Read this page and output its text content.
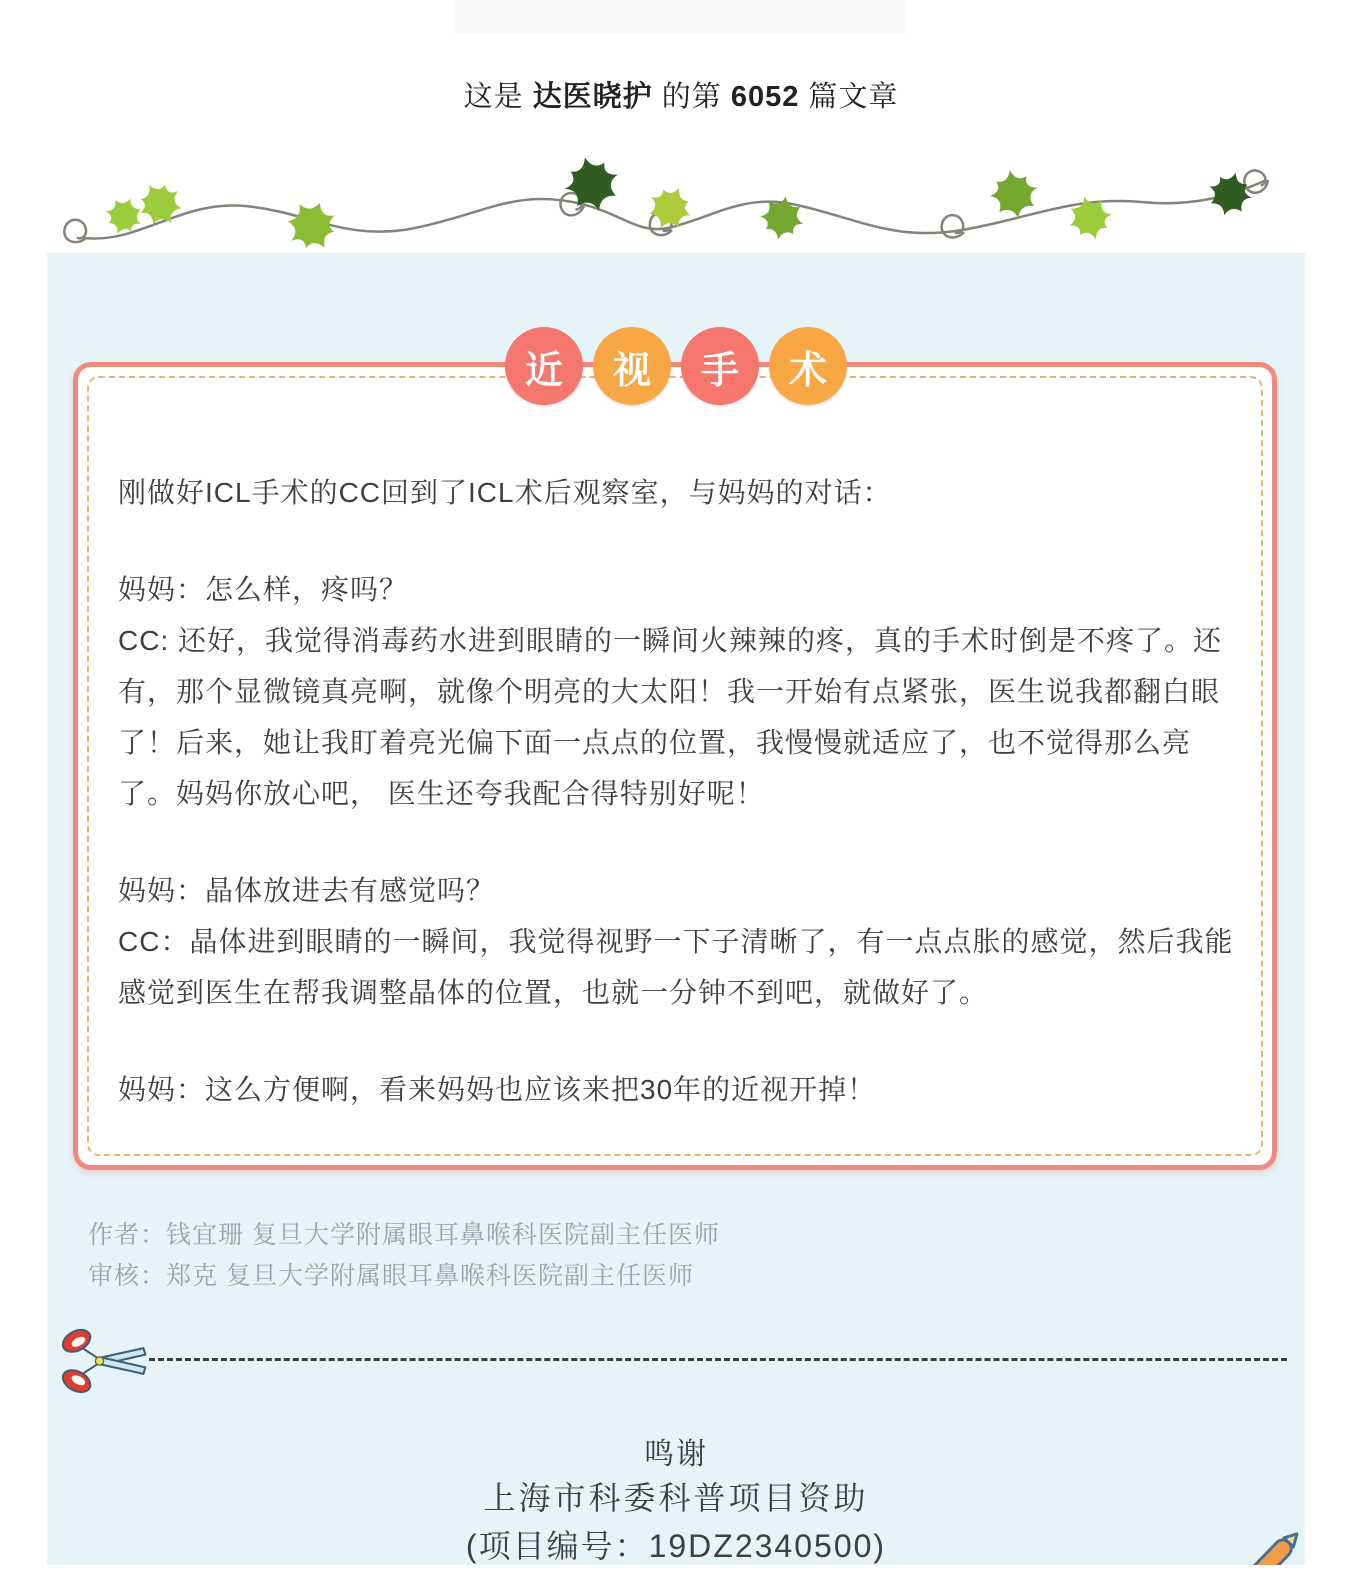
这是 达医晓护 的第 6052 篇文章
近 视 手 术

刚做好ICL手术的CC回到了ICL术后观察室，与妈妈的对话：

妈妈：怎么样，疼吗？

CC: 还好，我觉得消毒药水进到眼睛的一瞬间火辣辣的疼，真的手术时倒是不疼了。还有，那个显微镜真亮啊，就像个明亮的大太阳！我一开始有点紧张，医生说我都翻白眼了！后来，她让我盯着亮光偏下面一点点的位置，我慢慢就适应了，也不觉得那么亮了。妈妈你放心吧， 医生还夸我配合得特别好呢！

妈妈：晶体放进去有感觉吗？

CC：晶体进到眼睛的一瞬间，我觉得视野一下子清晰了，有一点点胀的感觉，然后我能感觉到医生在帮我调整晶体的位置，也就一分钟不到吧，就做好了。

妈妈：这么方便啊，看来妈妈也应该来把30年的近视开掉！

作者：钱宜珊 复旦大学附属眼耳鼻喉科医院副主任医师
审核：郑克 复旦大学附属眼耳鼻喉科医院副主任医师
鸣谢
上海市科委科普项目资助
(项目编号：19DZ2340500)
